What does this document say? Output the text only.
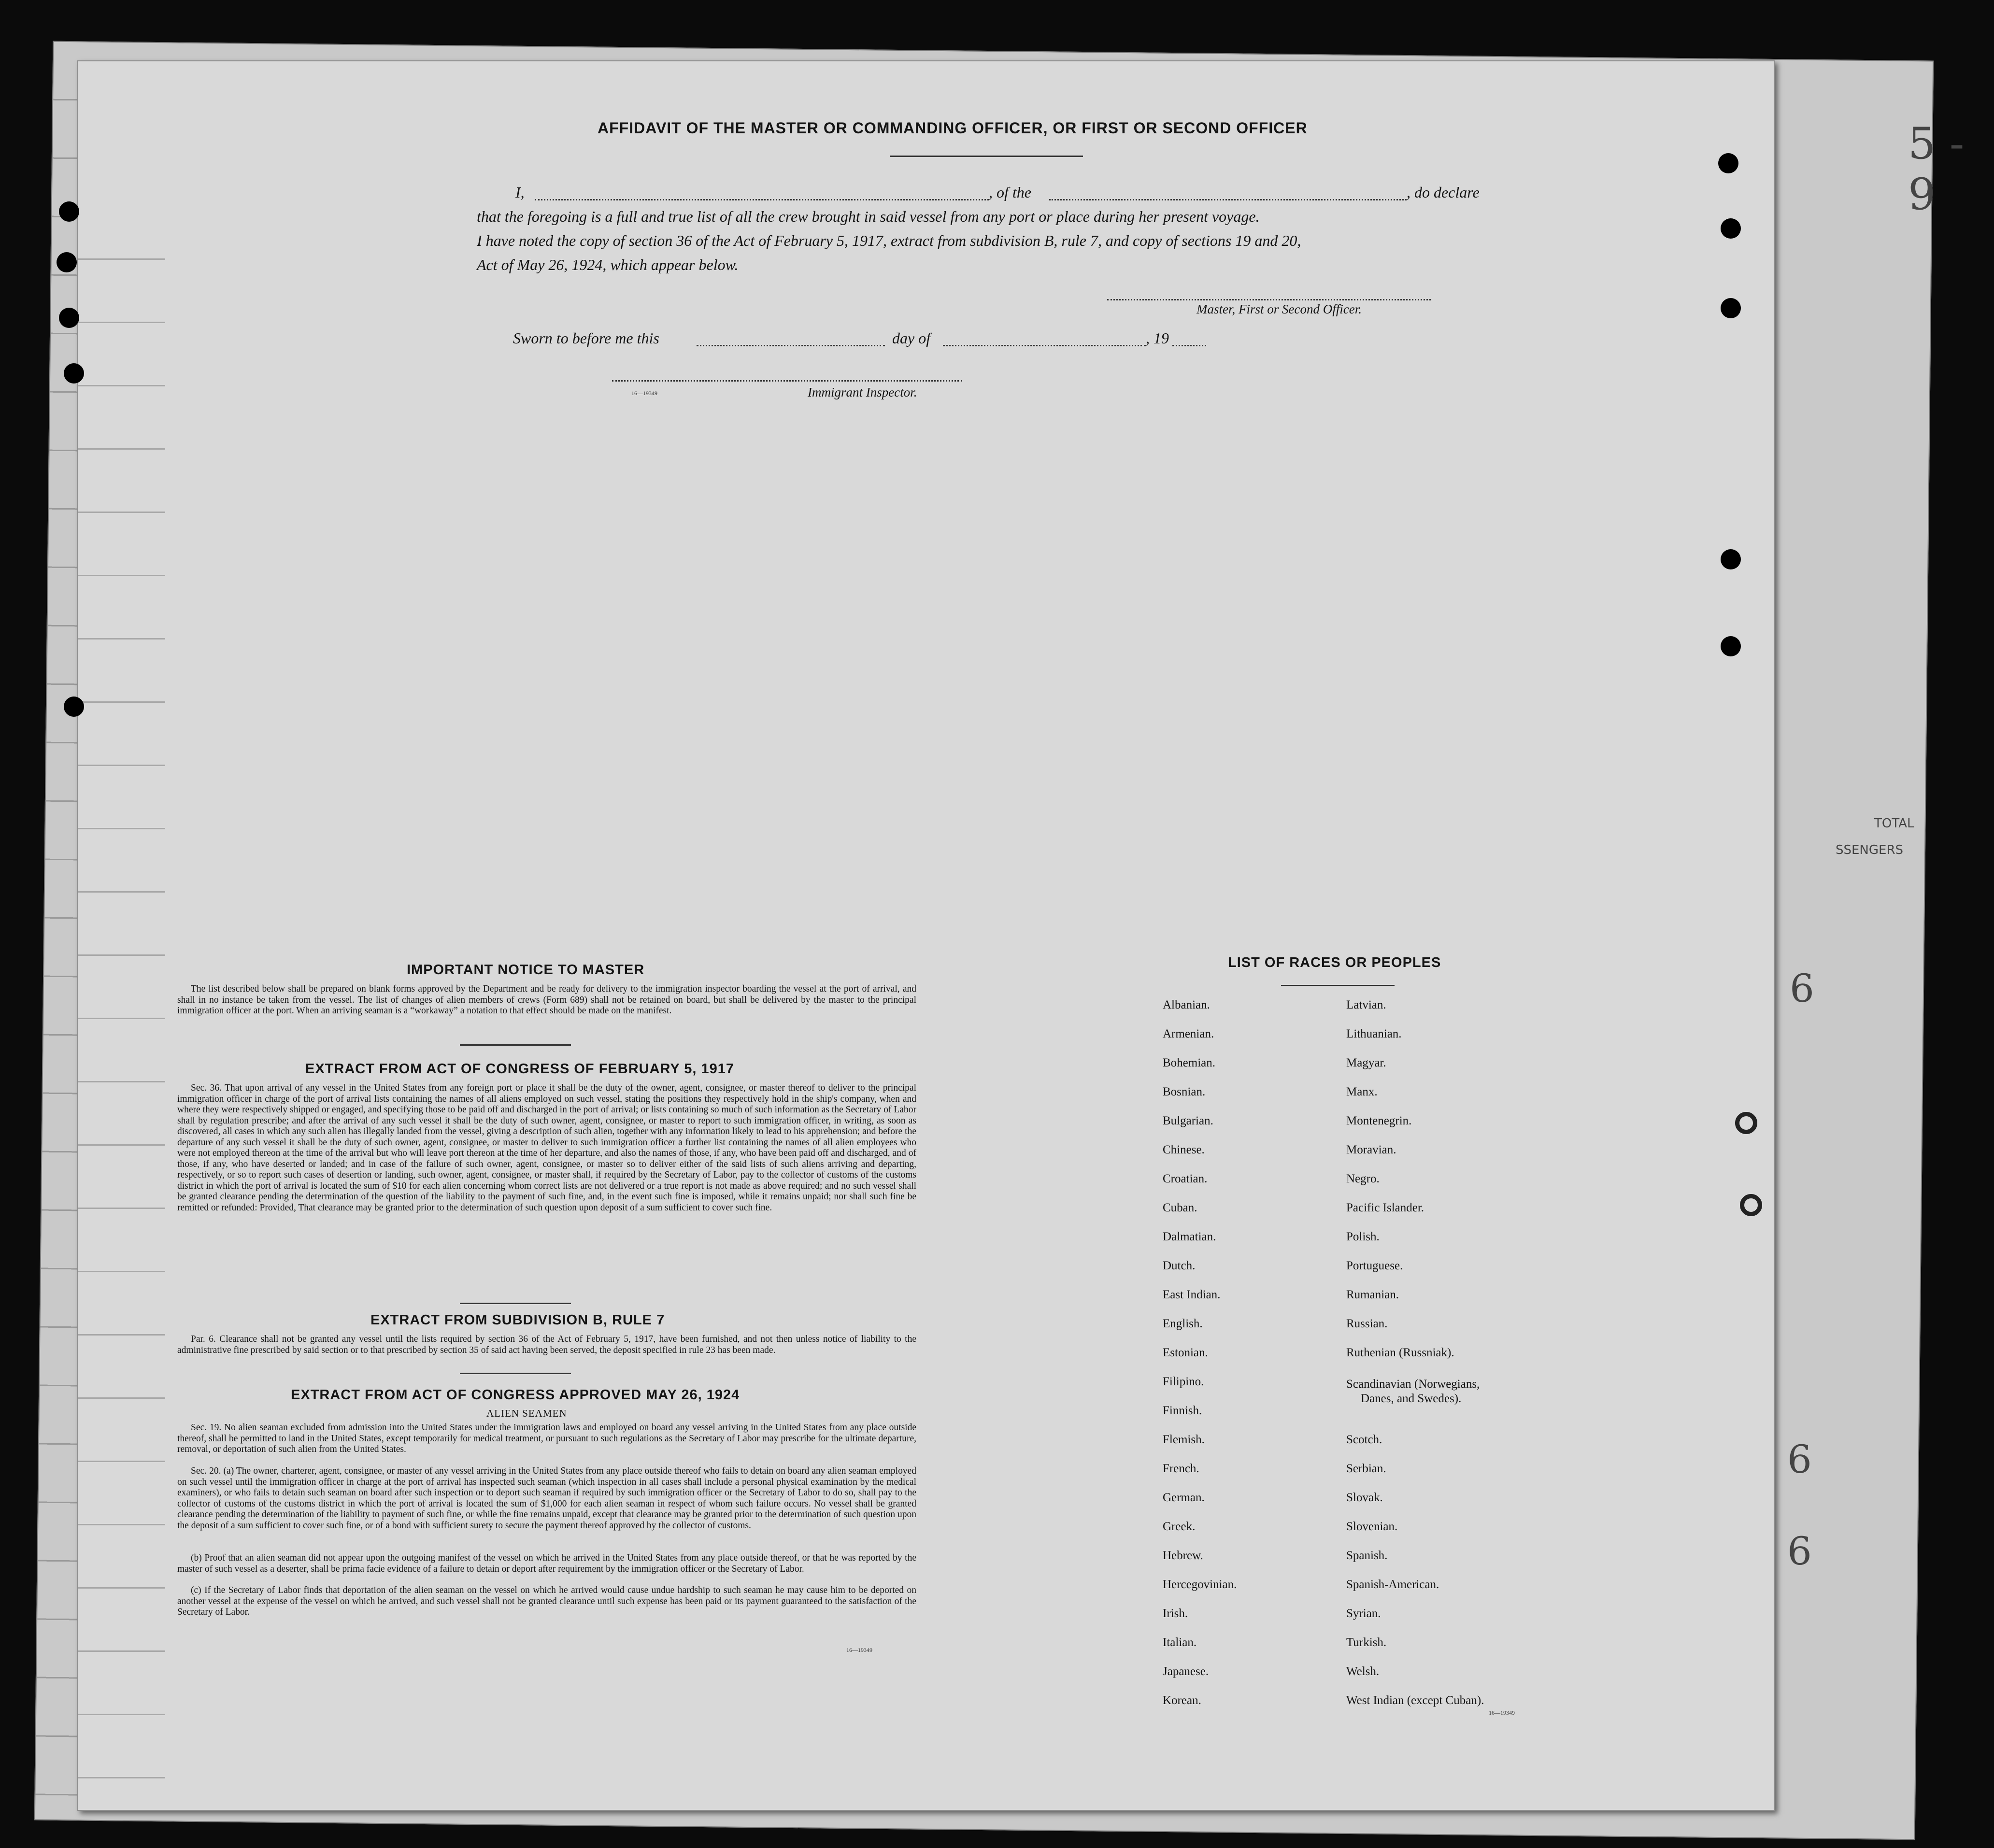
AFFIDAVIT OF THE MASTER OR COMMANDING OFFICER, OR FIRST OR SECOND OFFICER
I,	, of the	, do declare
that the foregoing is a full and true list of all the crew brought in said vessel from any port or place during her present voyage.
I have noted the copy of section 36 of the Act of February 5, 1917, extract from subdivision B, rule 7, and copy of sections 19 and 20,
Act of May 26, 1924, which appear below.
Master, First or Second Officer.
Sworn to before me this	day of	, 19
16—19349	Immigrant Inspector.
IMPORTANT NOTICE TO MASTER
The list described below shall be prepared on blank forms approved by the Department and be ready for delivery to the immigration inspector boarding the vessel at the port of arrival, and shall in no instance be taken from the vessel. The list of changes of alien members of crews (Form 689) shall not be retained on board, but shall be delivered by the master to the principal immigration officer at the port. When an arriving seaman is a “workaway” a notation to that effect should be made on the manifest.
EXTRACT FROM ACT OF CONGRESS OF FEBRUARY 5, 1917
Sec. 36. That upon arrival of any vessel in the United States from any foreign port or place it shall be the duty of the owner, agent, consignee, or master thereof to deliver to the principal immigration officer in charge of the port of arrival lists containing the names of all aliens employed on such vessel, stating the positions they respectively hold in the ship's company, when and where they were respectively shipped or engaged, and specifying those to be paid off and discharged in the port of arrival; or lists containing so much of such information as the Secretary of Labor shall by regulation prescribe; and after the arrival of any such vessel it shall be the duty of such owner, agent, consignee, or master to report to such immigration officer, in writing, as soon as discovered, all cases in which any such alien has illegally landed from the vessel, giving a description of such alien, together with any information likely to lead to his apprehension; and before the departure of any such vessel it shall be the duty of such owner, agent, consignee, or master to deliver to such immigration officer a further list containing the names of all alien employees who were not employed thereon at the time of the arrival but who will leave port thereon at the time of her departure, and also the names of those, if any, who have been paid off and discharged, and of those, if any, who have deserted or landed; and in case of the failure of such owner, agent, consignee, or master so to deliver either of the said lists of such aliens arriving and departing, respectively, or so to report such cases of desertion or landing, such owner, agent, consignee, or master shall, if required by the Secretary of Labor, pay to the collector of customs of the customs district in which the port of arrival is located the sum of $10 for each alien concerning whom correct lists are not delivered or a true report is not made as above required; and no such vessel shall be granted clearance pending the determination of the question of the liability to the payment of such fine, and, in the event such fine is imposed, while it remains unpaid; nor shall such fine be remitted or refunded: Provided, That clearance may be granted prior to the determination of such question upon deposit of a sum sufficient to cover such fine.
EXTRACT FROM SUBDIVISION B, RULE 7
Par. 6. Clearance shall not be granted any vessel until the lists required by section 36 of the Act of February 5, 1917, have been furnished, and not then unless notice of liability to the administrative fine prescribed by said section or to that prescribed by section 35 of said act having been served, the deposit specified in rule 23 has been made.
EXTRACT FROM ACT OF CONGRESS APPROVED MAY 26, 1924
ALIEN SEAMEN
Sec. 19. No alien seaman excluded from admission into the United States under the immigration laws and employed on board any vessel arriving in the United States from any place outside thereof, shall be permitted to land in the United States, except temporarily for medical treatment, or pursuant to such regulations as the Secretary of Labor may prescribe for the ultimate departure, removal, or deportation of such alien from the United States.
Sec. 20. (a) The owner, charterer, agent, consignee, or master of any vessel arriving in the United States from any place outside thereof who fails to detain on board any alien seaman employed on such vessel until the immigration officer in charge at the port of arrival has inspected such seaman (which inspection in all cases shall include a personal physical examination by the medical examiners), or who fails to detain such seaman on board after such inspection or to deport such seaman if required by such immigration officer or the Secretary of Labor to do so, shall pay to the collector of customs of the customs district in which the port of arrival is located the sum of $1,000 for each alien seaman in respect of whom such failure occurs. No vessel shall be granted clearance pending the determination of the liability to payment of such fine, or while the fine remains unpaid, except that clearance may be granted prior to the determination of such question upon the deposit of a sum sufficient to cover such fine, or of a bond with sufficient surety to secure the payment thereof approved by the collector of customs.
(b) Proof that an alien seaman did not appear upon the outgoing manifest of the vessel on which he arrived in the United States from any place outside thereof, or that he was reported by the master of such vessel as a deserter, shall be prima facie evidence of a failure to detain or deport after requirement by the immigration officer or the Secretary of Labor.
(c) If the Secretary of Labor finds that deportation of the alien seaman on the vessel on which he arrived would cause undue hardship to such seaman he may cause him to be deported on another vessel at the expense of the vessel on which he arrived, and such vessel shall not be granted clearance until such expense has been paid or its payment guaranteed to the satisfaction of the Secretary of Labor.
16—19349
LIST OF RACES OR PEOPLES
Albanian.
Armenian.
Bohemian.
Bosnian.
Bulgarian.
Chinese.
Croatian.
Cuban.
Dalmatian.
Dutch.
East Indian.
English.
Estonian.
Filipino.
Finnish.
Flemish.
French.
German.
Greek.
Hebrew.
Hercegovinian.
Irish.
Italian.
Japanese.
Korean.
Latvian.
Lithuanian.
Magyar.
Manx.
Montenegrin.
Moravian.
Negro.
Pacific Islander.
Polish.
Portuguese.
Rumanian.
Russian.
Ruthenian (Russniak).
Scandinavian (Norwegians,
Danes, and Swedes).
Scotch.
Serbian.
Slovak.
Slovenian.
Spanish.
Spanish-American.
Syrian.
Turkish.
Welsh.
West Indian (except Cuban).
16—19349
5 - 9
TOTAL
SSENGERS
6
6
6
